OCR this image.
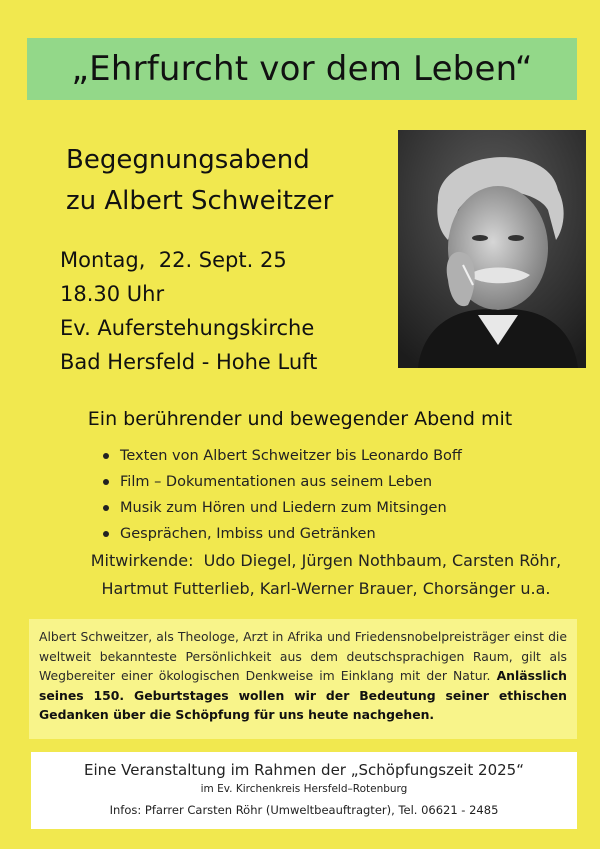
„Ehrfurcht vor dem Leben“
Begegnungsabend
zu Albert Schweitzer
Montag,  22. Sept. 25
18.30 Uhr
Ev. Auferstehungskirche
Bad Hersfeld - Hohe Luft
Ein berührender und bewegender Abend mit
Texten von Albert Schweitzer bis Leonardo Boff
Film – Dokumentationen aus seinem Leben
Musik zum Hören und Liedern zum Mitsingen
Gesprächen, Imbiss und Getränken
Mitwirkende:  Udo Diegel, Jürgen Nothbaum, Carsten Röhr,
Hartmut Futterlieb, Karl-Werner Brauer, Chorsänger u.a.
Albert Schweitzer, als Theologe, Arzt in Afrika und Friedensnobelpreisträger einst die weltweit bekannteste Persönlichkeit aus dem deutschsprachigen Raum, gilt als Wegbereiter einer ökologischen Denkweise im Einklang mit der Natur. Anlässlich seines 150. Geburtstages wollen wir der Bedeutung seiner ethischen Gedanken über die Schöpfung für uns heute nachgehen.
Eine Veranstaltung im Rahmen der „Schöpfungszeit 2025“
im Ev. Kirchenkreis Hersfeld–Rotenburg
Infos: Pfarrer Carsten Röhr (Umweltbeauftragter), Tel. 06621 - 2485
